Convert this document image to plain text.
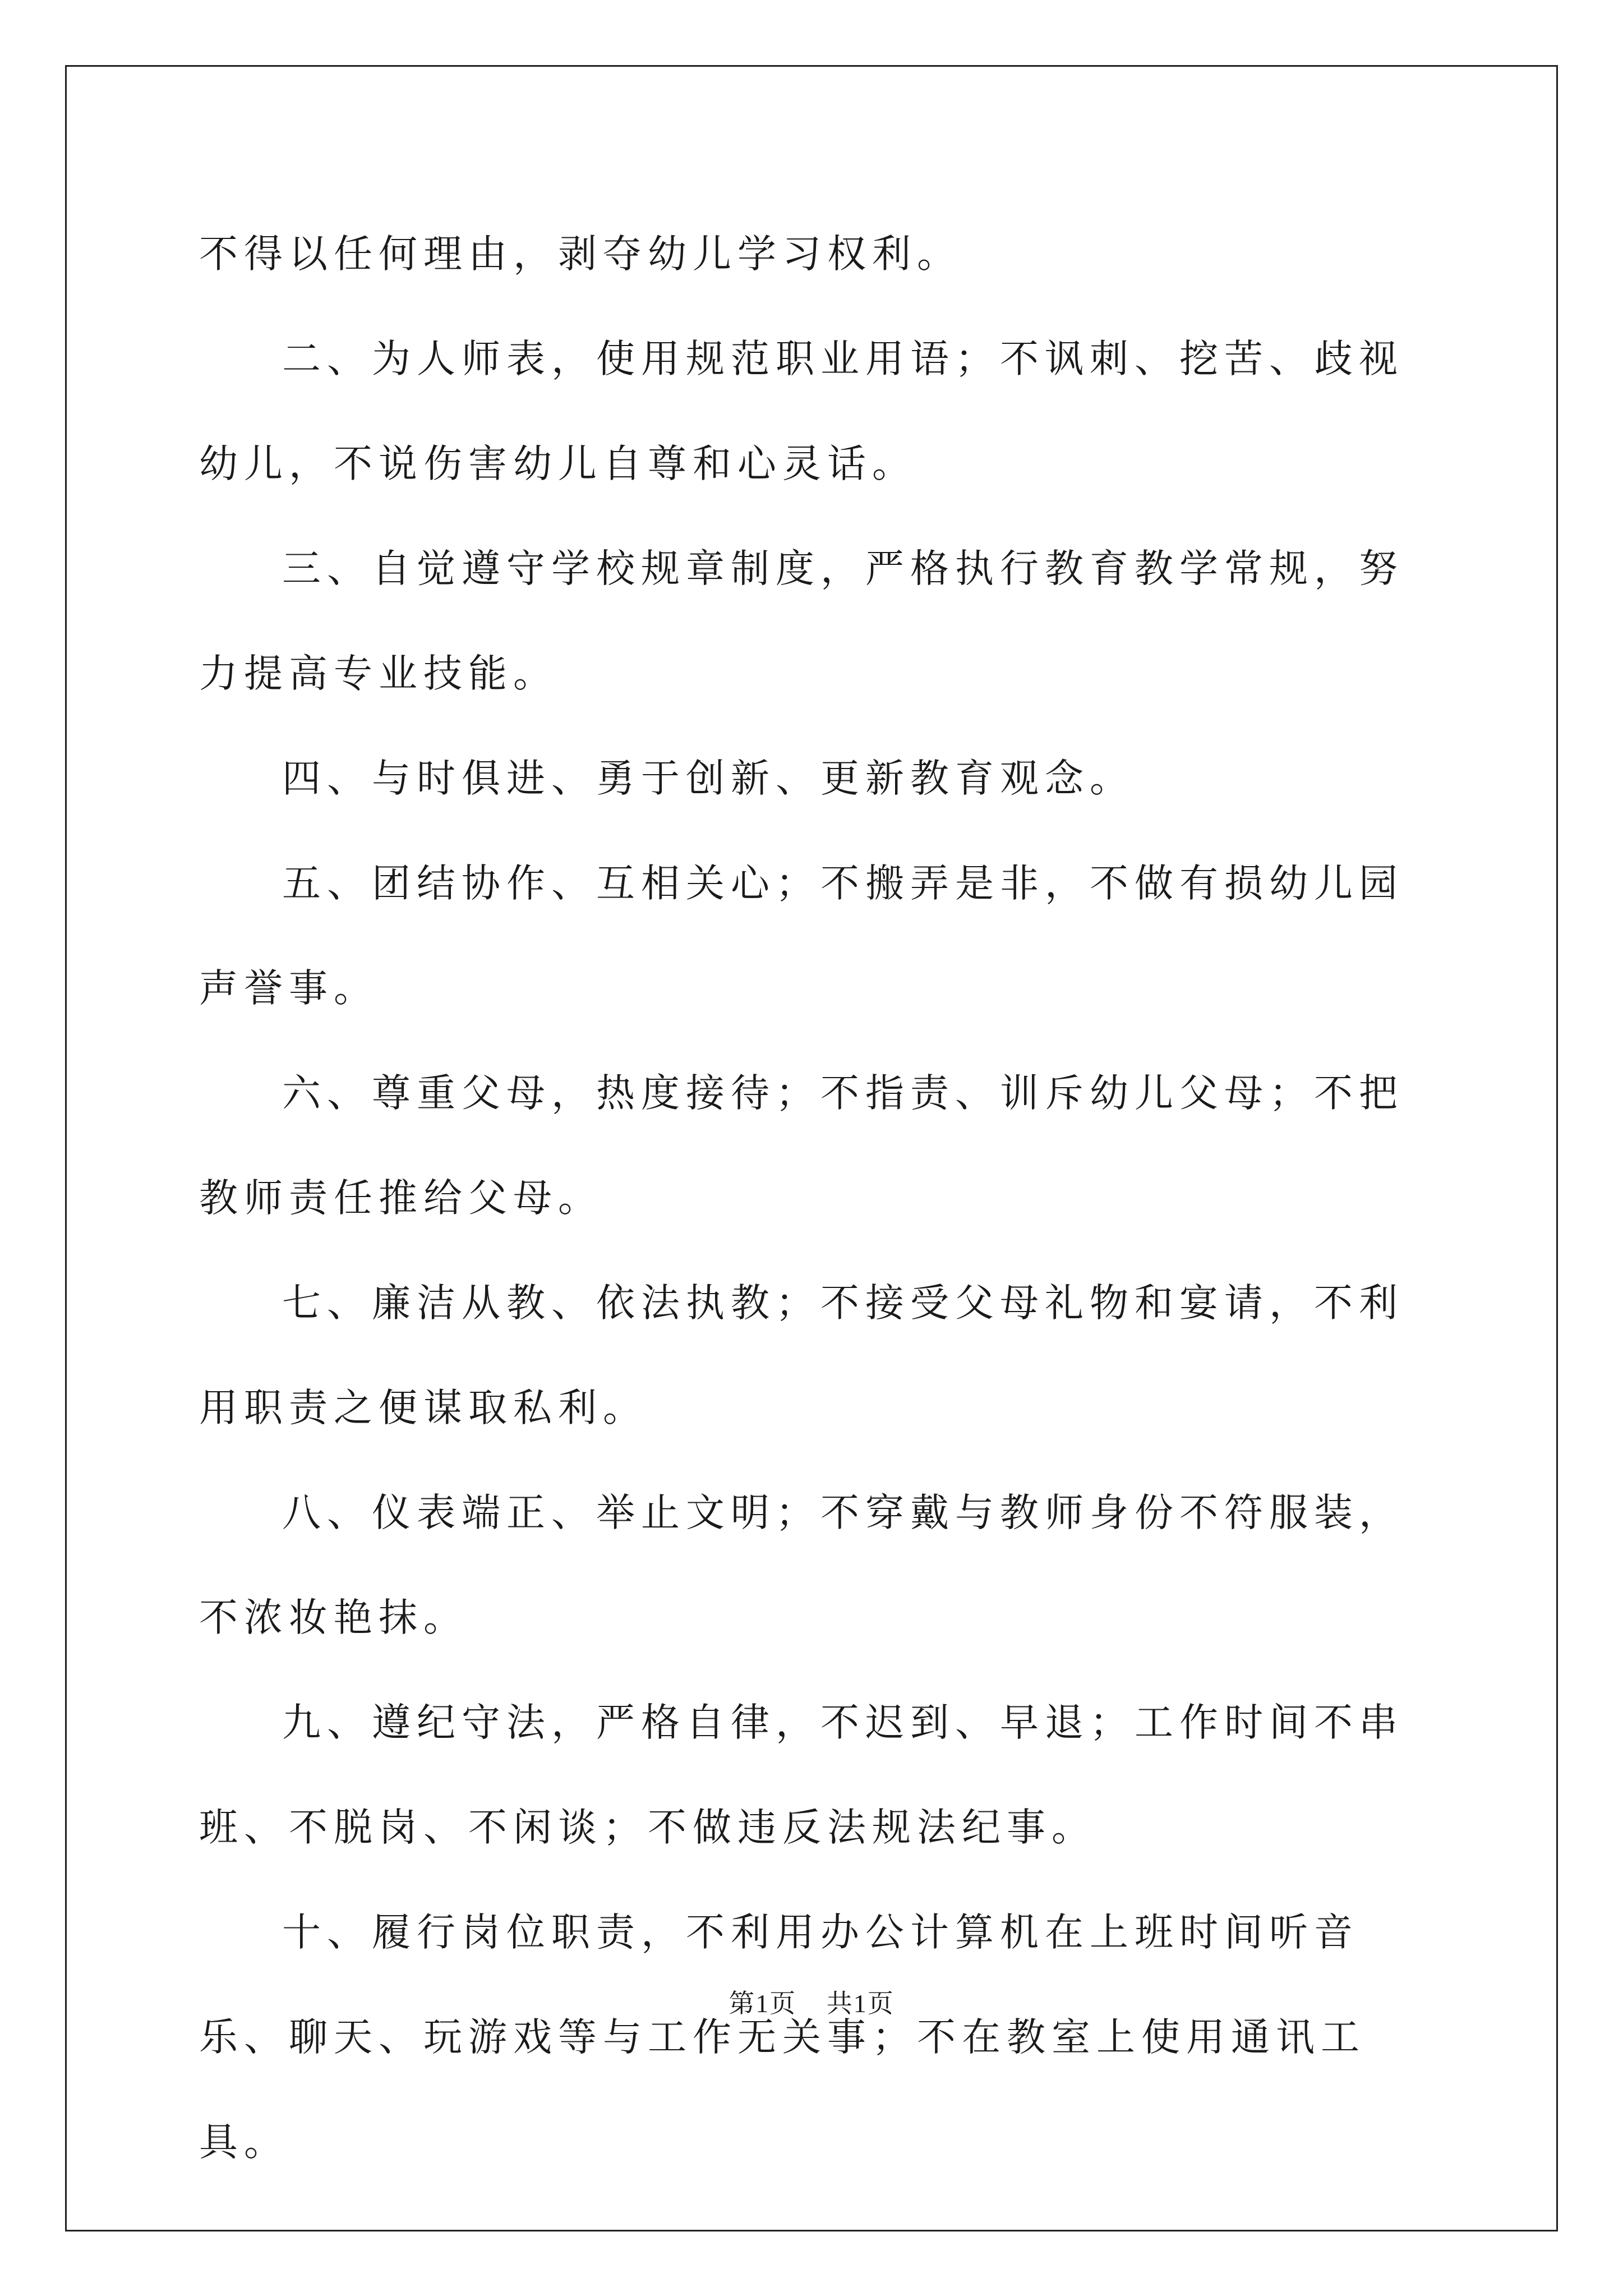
不得以任何理由，剥夺幼儿学习权利。

二、为人师表，使用规范职业用语；不讽刺、挖苦、歧视幼儿，不说伤害幼儿自尊和心灵话。

三、自觉遵守学校规章制度，严格执行教育教学常规，努力提高专业技能。

四、与时俱进、勇于创新、更新教育观念。

五、团结协作、互相关心；不搬弄是非，不做有损幼儿园声誉事。

六、尊重父母，热度接待；不指责、训斥幼儿父母；不把教师责任推给父母。

七、廉洁从教、依法执教；不接受父母礼物和宴请，不利用职责之便谋取私利。

八、仪表端正、举止文明；不穿戴与教师身份不符服装，不浓妆艳抹。

九、遵纪守法，严格自律，不迟到、早退；工作时间不串班、不脱岗、不闲谈；不做违反法规法纪事。

十、履行岗位职责，不利用办公计算机在上班时间听音乐、聊天、玩游戏等与工作无关事；不在教室上使用通讯工具。

第1页 共1页
